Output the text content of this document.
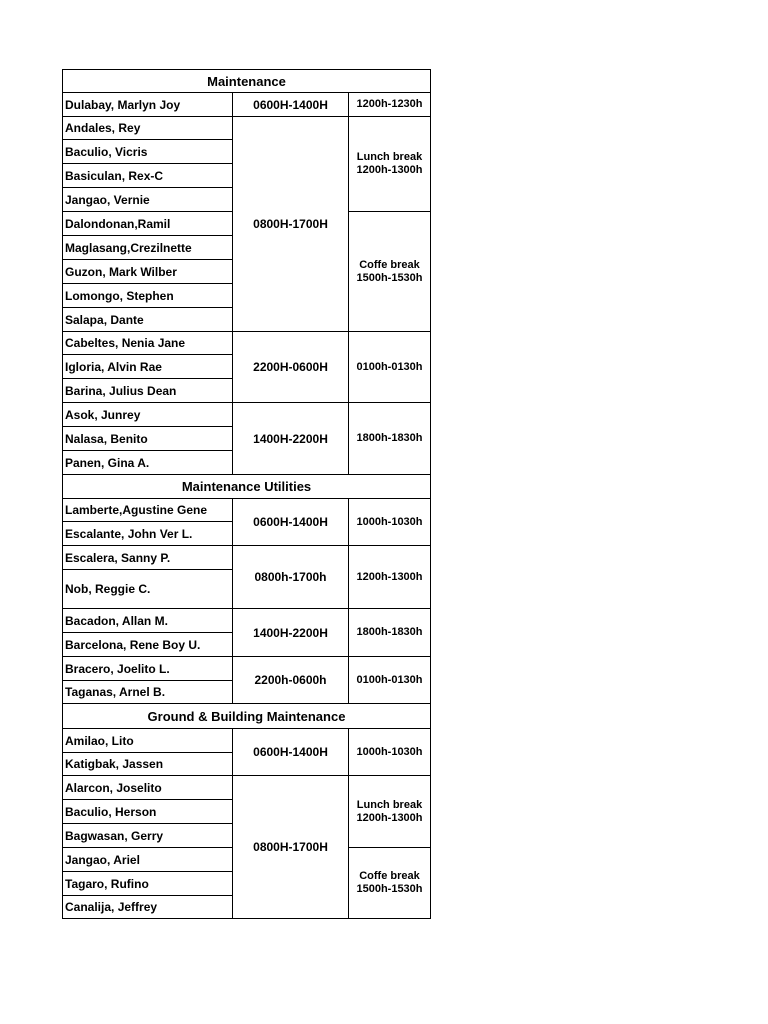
Maintenance
Dulabay, Marlyn Joy
Andales, Rey
Baculio, Vicris
Basiculan, Rex-C
Jangao, Vernie
Dalondonan,Ramil
Maglasang,Crezilnette
Guzon, Mark Wilber
Lomongo, Stephen
Salapa, Dante
Cabeltes, Nenia Jane
Igloria, Alvin Rae
Barina, Julius Dean
Asok, Junrey
Nalasa, Benito
Panen, Gina A.
0600H-1400H
0800H-1700H
2200H-0600H
1400H-2200H
1200h-1230h
Lunch break
1200h-1300h
Coffe break
1500h-1530h
0100h-0130h
1800h-1830h
Maintenance Utilities
Lamberte,Agustine Gene
Escalante, John Ver L.
Escalera, Sanny P.
Nob, Reggie C.
Bacadon, Allan M.
Barcelona, Rene Boy U.
Bracero, Joelito L.
Taganas, Arnel B.
0600H-1400H
0800h-1700h
1400H-2200H
2200h-0600h
1000h-1030h
1200h-1300h
1800h-1830h
0100h-0130h
Ground & Building Maintenance
Amilao, Lito
Katigbak, Jassen
Alarcon, Joselito
Baculio, Herson
Bagwasan, Gerry
Jangao, Ariel
Tagaro, Rufino
Canalija, Jeffrey
0600H-1400H
0800H-1700H
1000h-1030h
Lunch break
1200h-1300h
Coffe break
1500h-1530h
